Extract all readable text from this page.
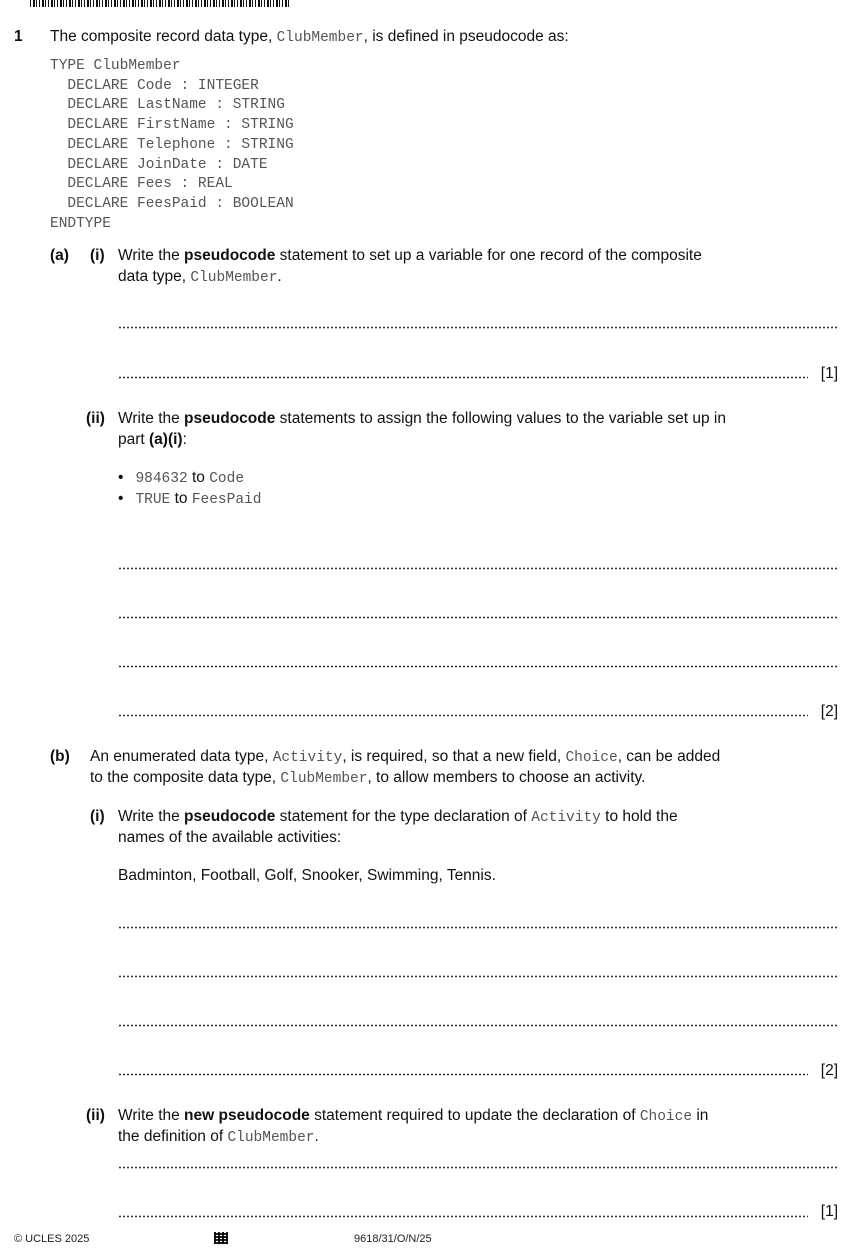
1 The composite record data type, ClubMember, is defined in pseudocode as:
TYPE ClubMember
DECLARE Code : INTEGER
DECLARE LastName : STRING
DECLARE FirstName : STRING
DECLARE Telephone : STRING
DECLARE JoinDate : DATE
DECLARE Fees : REAL
DECLARE FeesPaid : BOOLEAN
ENDTYPE
(a) (i) Write the pseudocode statement to set up a variable for one record of the composite
data type, ClubMember.
[1]
(ii) Write the pseudocode statements to assign the following values to the variable set up in
part (a)(i):
• 984632 to Code
• TRUE to FeesPaid
[2]
(b) An enumerated data type, Activity, is required, so that a new field, Choice, can be added
to the composite data type, ClubMember, to allow members to choose an activity.
(i) Write the pseudocode statement for the type declaration of Activity to hold the
names of the available activities:
Badminton, Football, Golf, Snooker, Swimming, Tennis.
[2]
(ii) Write the new pseudocode statement required to update the declaration of Choice in
the definition of ClubMember.
[1]
© UCLES 2025	9618/31/O/N/25
